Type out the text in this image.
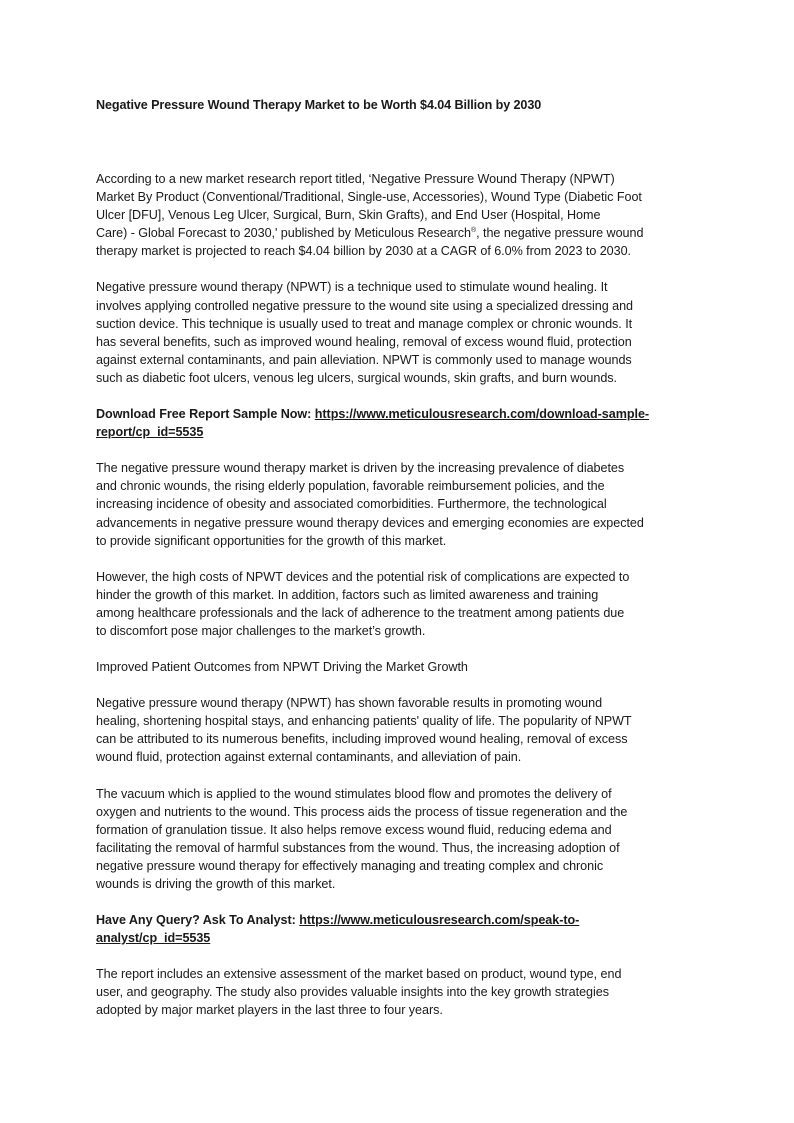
Negative Pressure Wound Therapy Market to be Worth $4.04 Billion by 2030

According to a new market research report titled, ‘Negative Pressure Wound Therapy (NPWT)
Market By Product (Conventional/Traditional, Single-use, Accessories), Wound Type (Diabetic Foot
Ulcer [DFU], Venous Leg Ulcer, Surgical, Burn, Skin Grafts), and End User (Hospital, Home
Care) - Global Forecast to 2030,' published by Meticulous Research®, the negative pressure wound
therapy market is projected to reach $4.04 billion by 2030 at a CAGR of 6.0% from 2023 to 2030.

Negative pressure wound therapy (NPWT) is a technique used to stimulate wound healing. It
involves applying controlled negative pressure to the wound site using a specialized dressing and
suction device. This technique is usually used to treat and manage complex or chronic wounds. It
has several benefits, such as improved wound healing, removal of excess wound fluid, protection
against external contaminants, and pain alleviation. NPWT is commonly used to manage wounds
such as diabetic foot ulcers, venous leg ulcers, surgical wounds, skin grafts, and burn wounds.

Download Free Report Sample Now: https://www.meticulousresearch.com/download-sample-
report/cp_id=5535

The negative pressure wound therapy market is driven by the increasing prevalence of diabetes
and chronic wounds, the rising elderly population, favorable reimbursement policies, and the
increasing incidence of obesity and associated comorbidities. Furthermore, the technological
advancements in negative pressure wound therapy devices and emerging economies are expected
to provide significant opportunities for the growth of this market.

However, the high costs of NPWT devices and the potential risk of complications are expected to
hinder the growth of this market. In addition, factors such as limited awareness and training
among healthcare professionals and the lack of adherence to the treatment among patients due
to discomfort pose major challenges to the market’s growth.

Improved Patient Outcomes from NPWT Driving the Market Growth

Negative pressure wound therapy (NPWT) has shown favorable results in promoting wound
healing, shortening hospital stays, and enhancing patients' quality of life. The popularity of NPWT
can be attributed to its numerous benefits, including improved wound healing, removal of excess
wound fluid, protection against external contaminants, and alleviation of pain.

The vacuum which is applied to the wound stimulates blood flow and promotes the delivery of
oxygen and nutrients to the wound. This process aids the process of tissue regeneration and the
formation of granulation tissue. It also helps remove excess wound fluid, reducing edema and
facilitating the removal of harmful substances from the wound. Thus, the increasing adoption of
negative pressure wound therapy for effectively managing and treating complex and chronic
wounds is driving the growth of this market.

Have Any Query? Ask To Analyst: https://www.meticulousresearch.com/speak-to-
analyst/cp_id=5535

The report includes an extensive assessment of the market based on product, wound type, end
user, and geography. The study also provides valuable insights into the key growth strategies
adopted by major market players in the last three to four years.
